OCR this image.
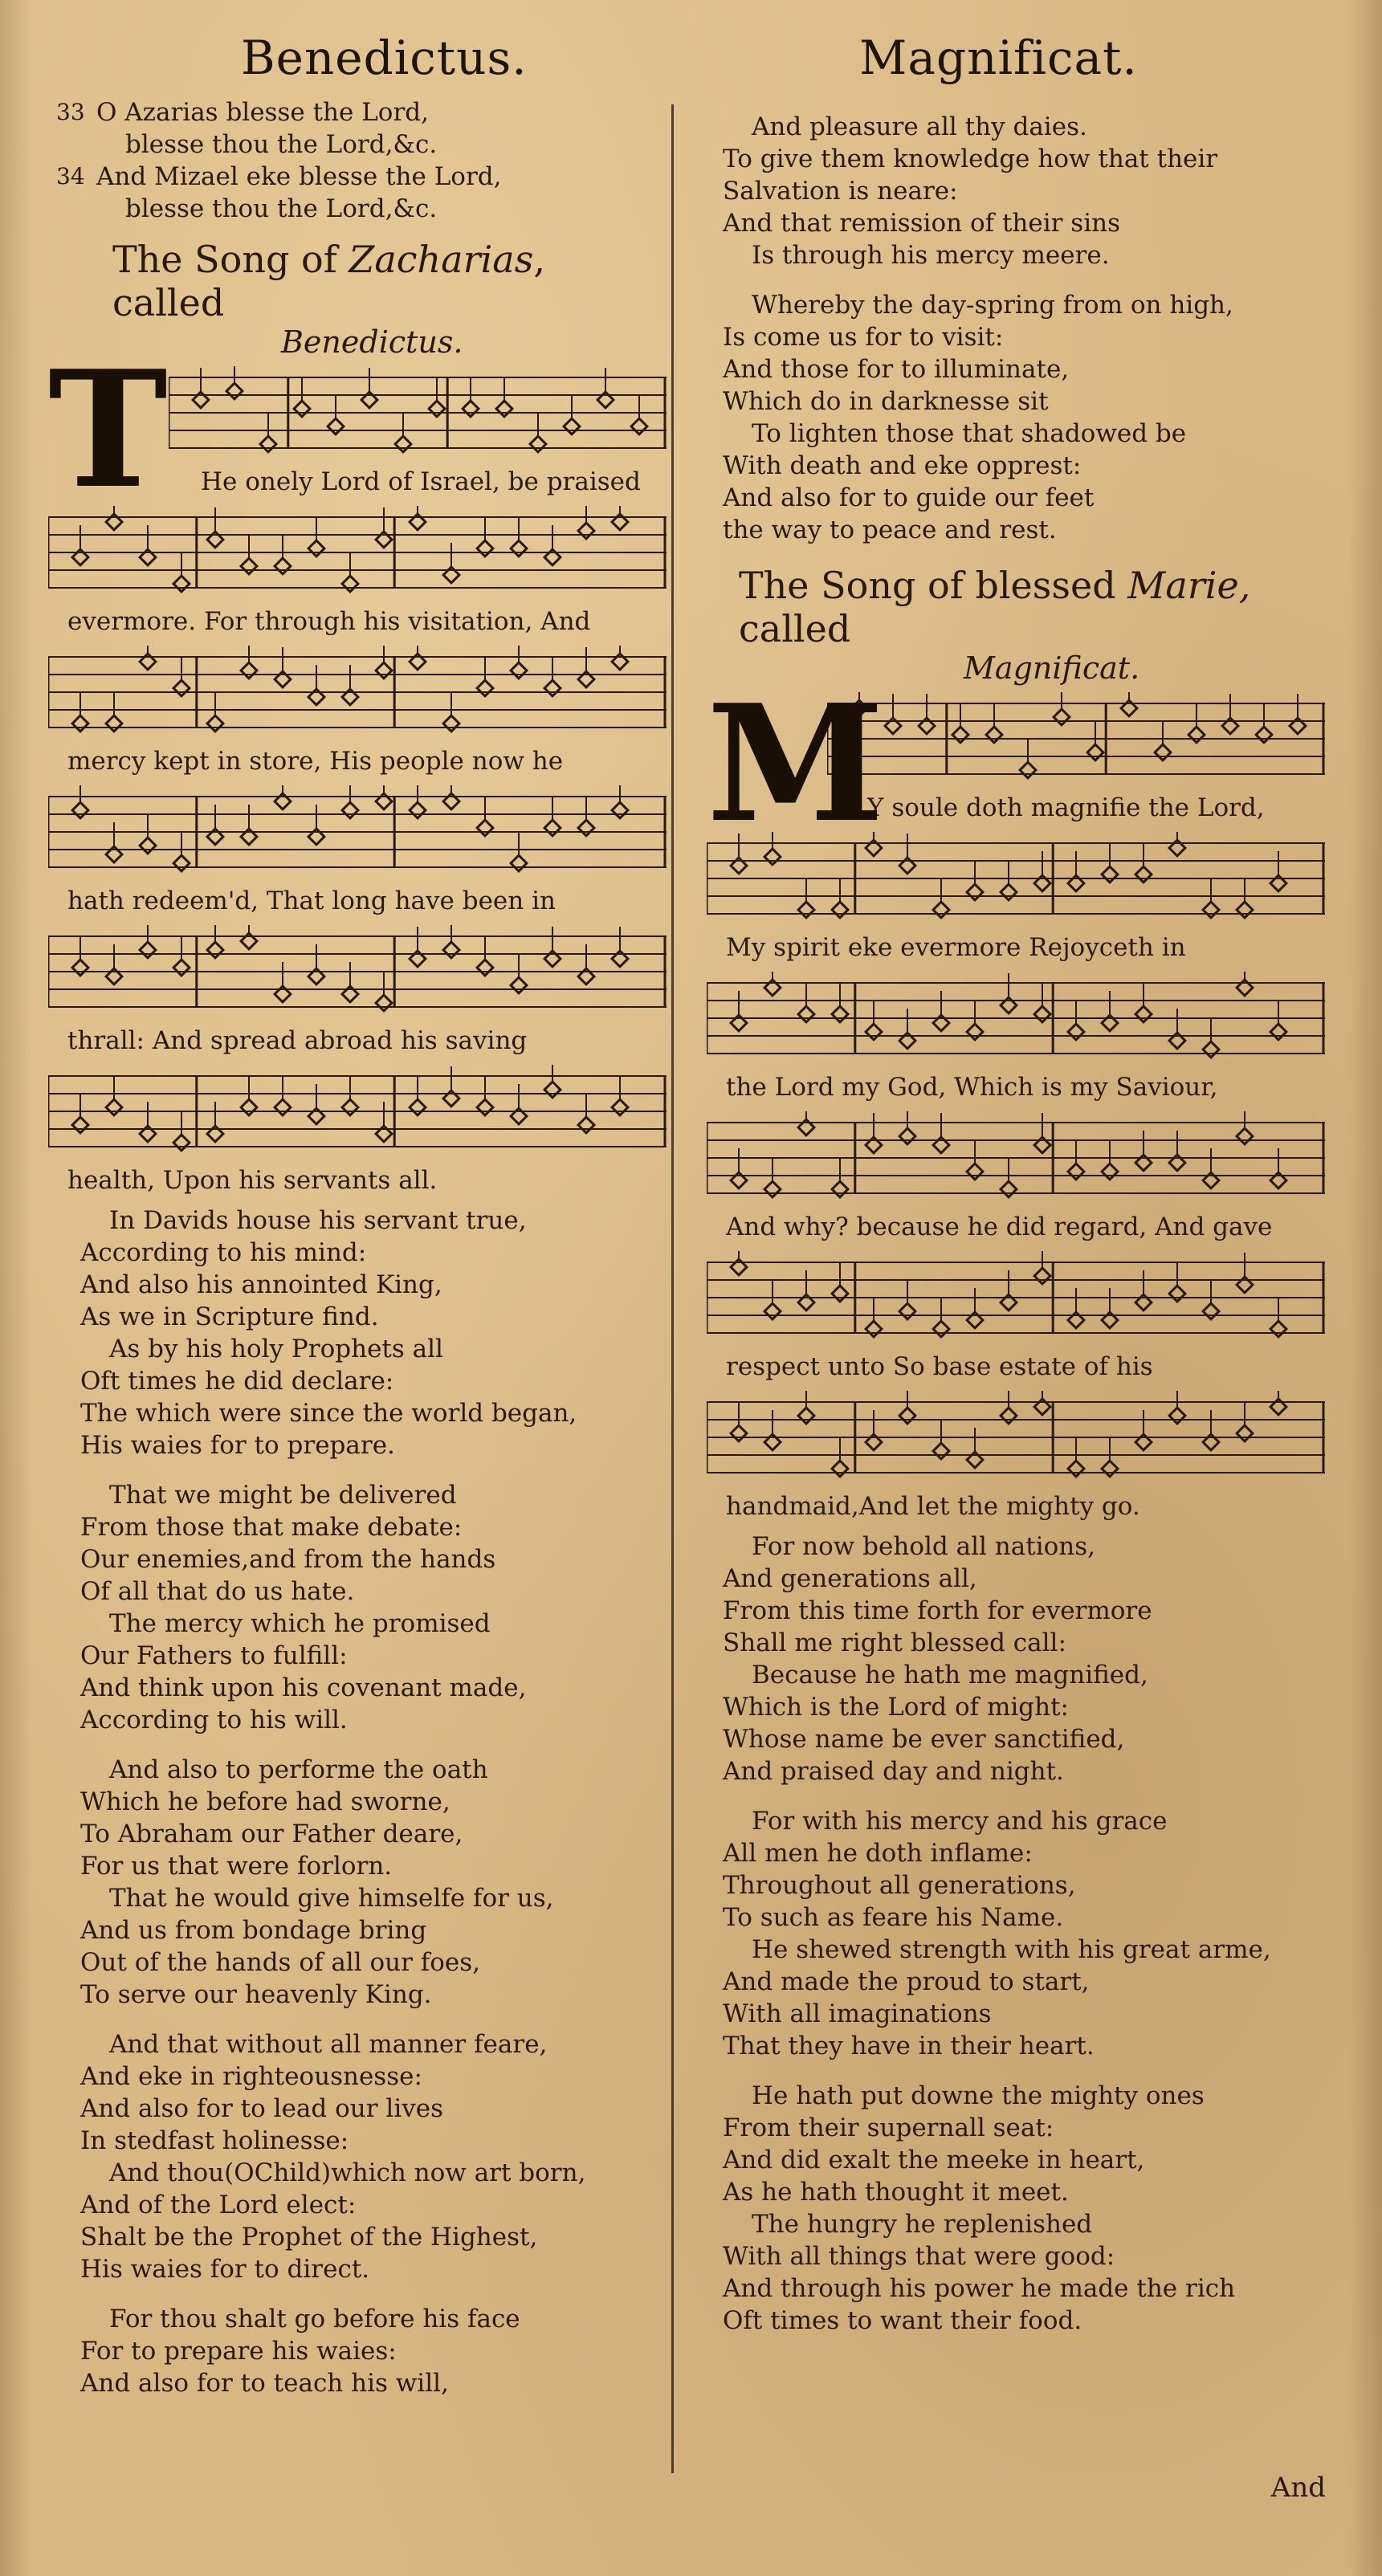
Benedictus.	Magnificat.
33 O Azarias blesse the Lord,
blesse thou the Lord,&c.
34 And Mizael eke blesse the Lord,
blesse thou the Lord,&c.
The Song of Zacharias, called
Benedictus.
T He onely Lord of Israel, be praised
evermore. For through his visitation, And
mercy kept in store, His people now he
hath redeem'd, That long have been in
thrall: And spread abroad his saving
health, Upon his servants all.
In Davids house his servant true,
According to his mind:
And also his annointed King,
As we in Scripture find.
As by his holy Prophets all
Oft times he did declare:
The which were since the world began,
His waies for to prepare.
That we might be delivered
From those that make debate:
Our enemies,and from the hands
Of all that do us hate.
The mercy which he promised
Our Fathers to fulfill:
And think upon his covenant made,
According to his will.
And also to performe the oath
Which he before had sworne,
To Abraham our Father deare,
For us that were forlorn.
That he would give himselfe for us,
And us from bondage bring
Out of the hands of all our foes,
To serve our heavenly King.
And that without all manner feare,
And eke in righteousnesse:
And also for to lead our lives
In stedfast holinesse:
And thou(OChild)which now art born,
And of the Lord elect:
Shalt be the Prophet of the Highest,
His waies for to direct.
For thou shalt go before his face
For to prepare his waies:
And also for to teach his will,
And pleasure all thy daies.
To give them knowledge how that their
Salvation is neare:
And that remission of their sins
Is through his mercy meere.
Whereby the day-spring from on high,
Is come us for to visit:
And those for to illuminate,
Which do in darknesse sit
To lighten those that shadowed be
With death and eke opprest:
And also for to guide our feet
the way to peace and rest.
The Song of blessed Marie, called
Magnificat.
M
Y soule doth magnifie the Lord,
My spirit eke evermore Rejoyceth in
the Lord my God, Which is my Saviour,
And why? because he did regard, And gave
respect unto So base estate of his
handmaid,And let the mighty go.
For now behold all nations,
And generations all,
From this time forth for evermore
Shall me right blessed call:
Because he hath me magnified,
Which is the Lord of might:
Whose name be ever sanctified,
And praised day and night.
For with his mercy and his grace
All men he doth inflame:
Throughout all generations,
To such as feare his Name.
He shewed strength with his great arme,
And made the proud to start,
With all imaginations
That they have in their heart.
He hath put downe the mighty ones
From their supernall seat:
And did exalt the meeke in heart,
As he hath thought it meet.
The hungry he replenished
With all things that were good:
And through his power he made the rich
Oft times to want their food.
And
